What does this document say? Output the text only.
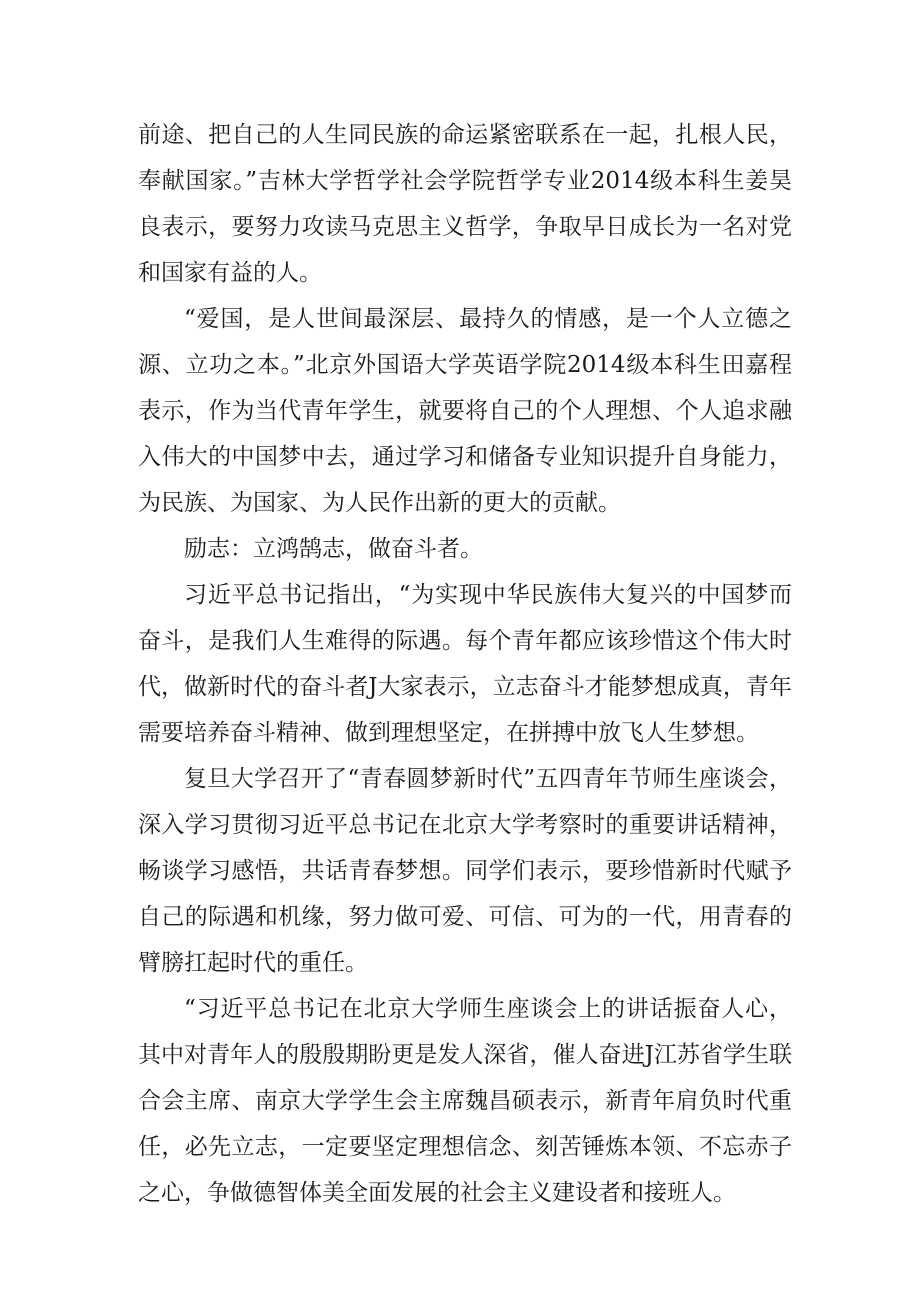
前途、把自己的人生同民族的命运紧密联系在一起，扎根人民，奉献国家。”吉林大学哲学社会学院哲学专业2014级本科生姜昊良表示，要努力攻读马克思主义哲学，争取早日成长为一名对党和国家有益的人。

“爱国，是人世间最深层、最持久的情感，是一个人立德之源、立功之本。”北京外国语大学英语学院2014级本科生田嘉程表示，作为当代青年学生，就要将自己的个人理想、个人追求融入伟大的中国梦中去，通过学习和储备专业知识提升自身能力，为民族、为国家、为人民作出新的更大的贡献。

励志：立鸿鹄志，做奋斗者。

习近平总书记指出，“为实现中华民族伟大复兴的中国梦而奋斗，是我们人生难得的际遇。每个青年都应该珍惜这个伟大时代，做新时代的奋斗者J大家表示，立志奋斗才能梦想成真，青年需要培养奋斗精神、做到理想坚定，在拼搏中放飞人生梦想。

复旦大学召开了“青春圆梦新时代”五四青年节师生座谈会，深入学习贯彻习近平总书记在北京大学考察时的重要讲话精神，畅谈学习感悟，共话青春梦想。同学们表示，要珍惜新时代赋予自己的际遇和机缘，努力做可爱、可信、可为的一代，用青春的臂膀扛起时代的重任。

“习近平总书记在北京大学师生座谈会上的讲话振奋人心，其中对青年人的殷殷期盼更是发人深省，催人奋进J江苏省学生联合会主席、南京大学学生会主席魏昌硕表示，新青年肩负时代重任，必先立志，一定要坚定理想信念、刻苦锤炼本领、不忘赤子之心，争做德智体美全面发展的社会主义建设者和接班人。
